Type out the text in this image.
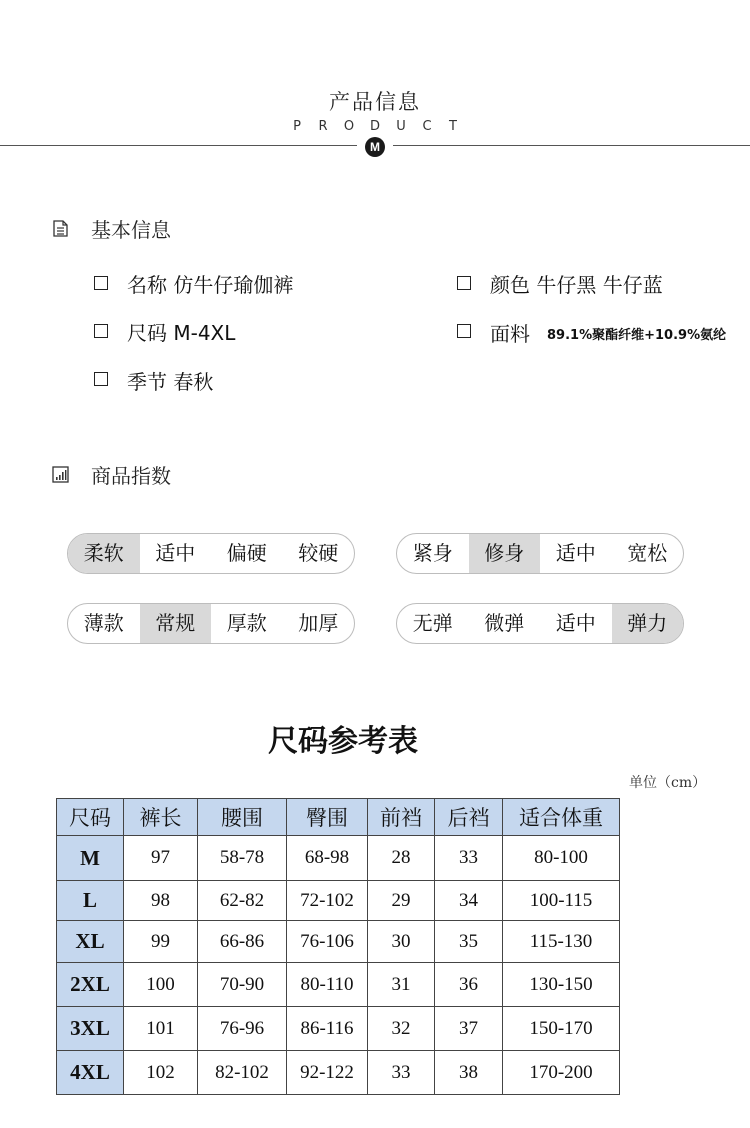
产品信息
P R O D U C T
M
基本信息
名称 仿牛仔瑜伽裤	颜色 牛仔黑 牛仔蓝
尺码 M-4XL	面料 89.1%聚酯纤维+10.9%氨纶
季节 春秋
商品指数
柔软	适中	偏硬	较硬	紧身	修身	适中	宽松
薄款	常规	厚款	加厚	无弹	微弹	适中	弹力
尺码参考表
单位（cm）
尺码	裤长	腰围	臀围	前裆	后裆	适合体重
M	97	58-78	68-98	28	33	80-100
L	98	62-82	72-102	29	34	100-115
XL	99	66-86	76-106	30	35	115-130
2XL	100	70-90	80-110	31	36	130-150
3XL	101	76-96	86-116	32	37	150-170
4XL	102	82-102	92-122	33	38	170-200
